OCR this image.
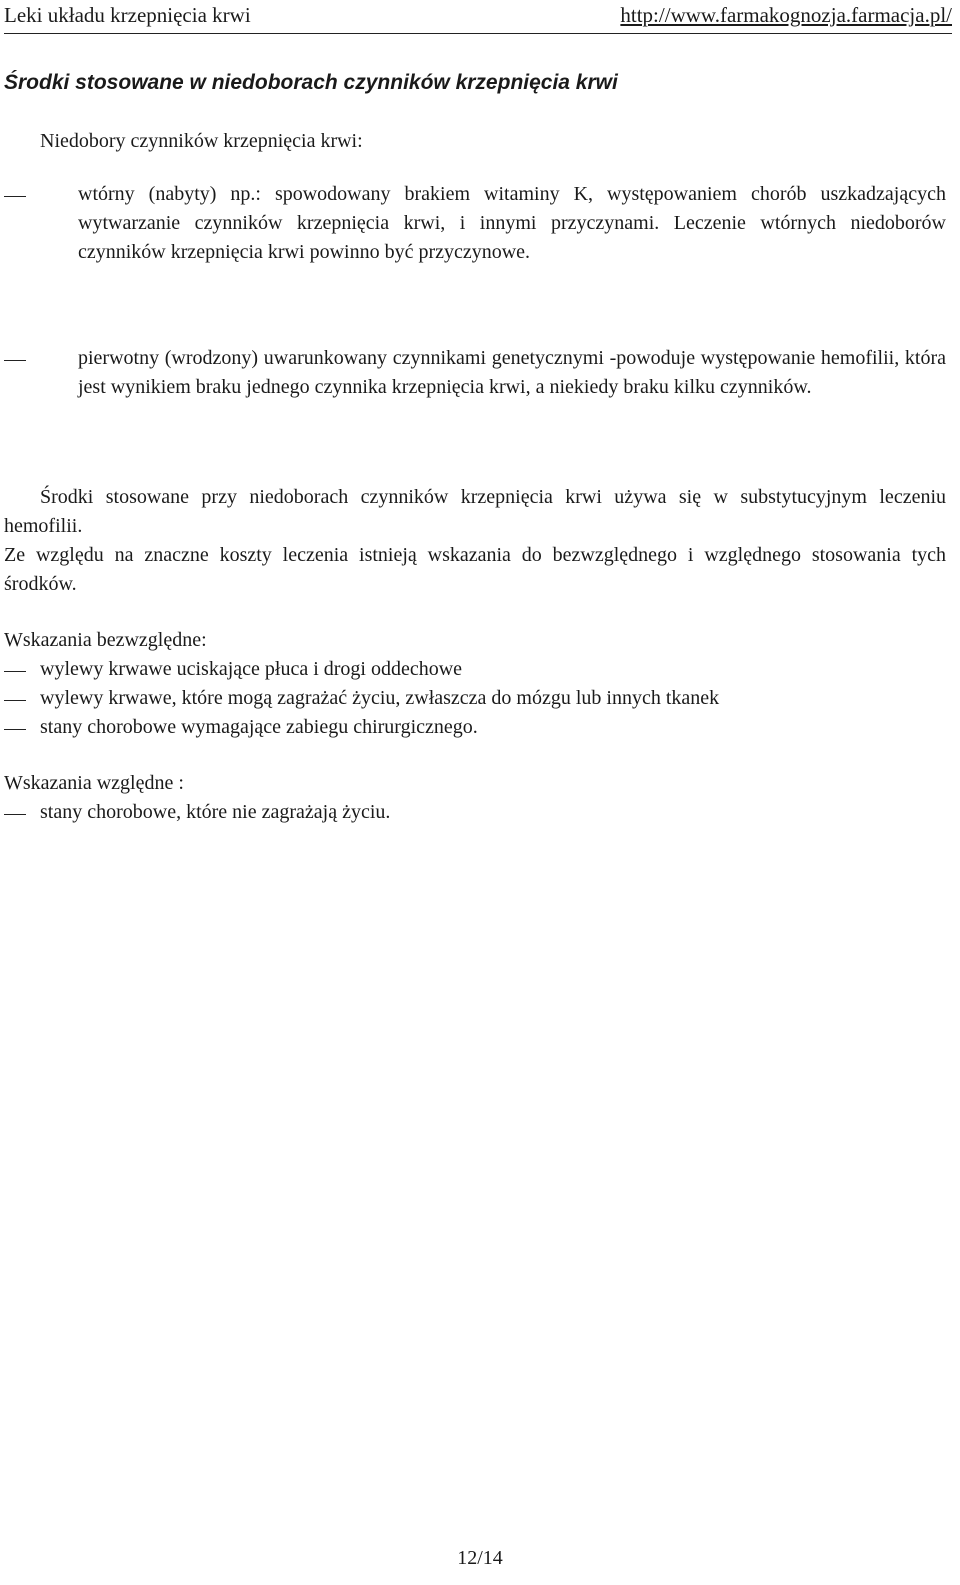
Leki układu krzepnięcia krwi	http://www.farmakognozja.farmacja.pl/
Środki stosowane w niedoborach czynników krzepnięcia krwi
Niedobory czynników krzepnięcia krwi:
wtórny (nabyty) np.: spowodowany brakiem witaminy K, występowaniem chorób uszkadzających wytwarzanie czynników krzepnięcia krwi, i innymi przyczynami. Leczenie wtórnych niedoborów czynników krzepnięcia krwi powinno być przyczynowe.
pierwotny (wrodzony) uwarunkowany czynnikami genetycznymi -powoduje występowanie hemofilii, która jest wynikiem braku jednego czynnika krzepnięcia krwi, a niekiedy braku kilku czynników.
Środki stosowane przy niedoborach czynników krzepnięcia krwi używa się w substytucyjnym leczeniu hemofilii.
Ze względu na znaczne koszty leczenia istnieją wskazania do bezwzględnego i względnego stosowania tych środków.
Wskazania bezwzględne:
wylewy krwawe uciskające płuca i drogi oddechowe
wylewy krwawe, które mogą zagrażać życiu, zwłaszcza do mózgu lub innych tkanek
stany chorobowe wymagające zabiegu chirurgicznego.
Wskazania względne :
stany chorobowe, które nie zagrażają życiu.
12/14
